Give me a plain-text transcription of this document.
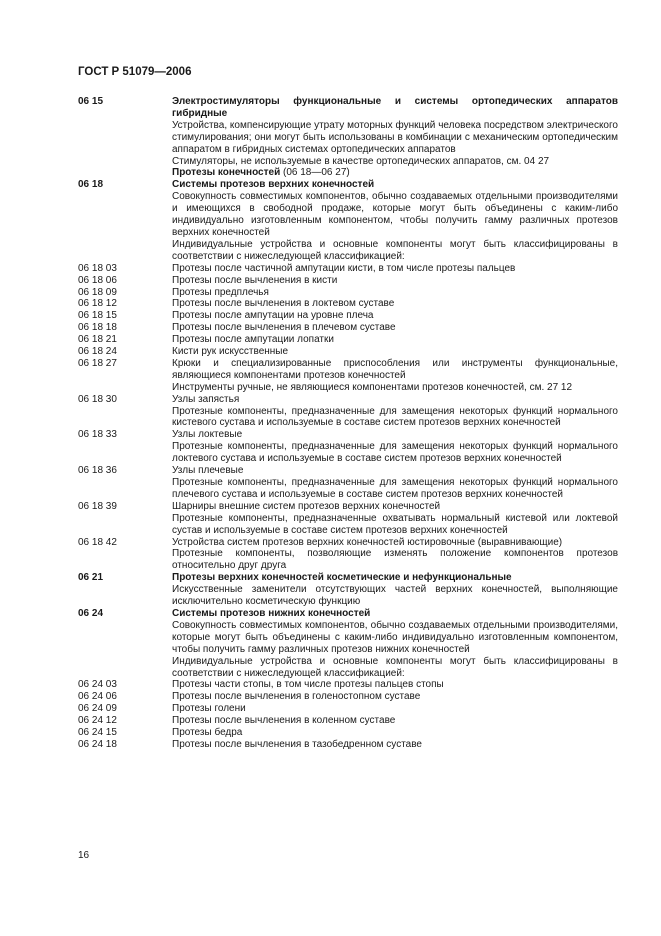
ГОСТ Р 51079—2006
06 15	Электростимуляторы функциональные и системы ортопедических аппаратов гибридные
Устройства, компенсирующие утрату моторных функций человека посредством электрического стимулирования; они могут быть использованы в комбинации с механическим ортопедическим аппаратом в гибридных системах ортопедических аппаратов
Стимуляторы, не используемые в качестве ортопедических аппаратов, см. 04 27
Протезы конечностей (06 18—06 27)
06 18	Системы протезов верхних конечностей
Совокупность совместимых компонентов, обычно создаваемых отдельными производителями и имеющихся в свободной продаже, которые могут быть объединены с каким-либо индивидуально изготовленным компонентом, чтобы получить гамму различных протезов верхних конечностей
Индивидуальные устройства и основные компоненты могут быть классифицированы в соответствии с нижеследующей классификацией:
06 18 03	Протезы после частичной ампутации кисти, в том числе протезы пальцев
06 18 06	Протезы после вычленения в кисти
06 18 09	Протезы предплечья
06 18 12	Протезы после вычленения в локтевом суставе
06 18 15	Протезы после ампутации на уровне плеча
06 18 18	Протезы после вычленения в плечевом суставе
06 18 21	Протезы после ампутации лопатки
06 18 24	Кисти рук искусственные
06 18 27	Крюки и специализированные приспособления или инструменты функциональные, являющиеся компонентами протезов конечностей
Инструменты ручные, не являющиеся компонентами протезов конечностей, см. 27 12
06 18 30	Узлы запястья
Протезные компоненты, предназначенные для замещения некоторых функций нормального кистевого сустава и используемые в составе систем протезов верхних конечностей
06 18 33	Узлы локтевые
Протезные компоненты, предназначенные для замещения некоторых функций нормального локтевого сустава и используемые в составе систем протезов верхних конечностей
06 18 36	Узлы плечевые
Протезные компоненты, предназначенные для замещения некоторых функций нормального плечевого сустава и используемые в составе систем протезов верхних конечностей
06 18 39	Шарниры внешние систем протезов верхних конечностей
Протезные компоненты, предназначенные охватывать нормальный кистевой или локтевой сустав и используемые в составе систем протезов верхних конечностей
06 18 42	Устройства систем протезов верхних конечностей юстировочные (выравнивающие)
Протезные компоненты, позволяющие изменять положение компонентов протезов относительно друг друга
06 21	Протезы верхних конечностей косметические и нефункциональные
Искусственные заменители отсутствующих частей верхних конечностей, выполняющие исключительно косметическую функцию
06 24	Системы протезов нижних конечностей
Совокупность совместимых компонентов, обычно создаваемых отдельными производителями, которые могут быть объединены с каким-либо индивидуально изготовленным компонентом, чтобы получить гамму различных протезов нижних конечностей
Индивидуальные устройства и основные компоненты могут быть классифицированы в соответствии с нижеследующей классификацией:
06 24 03	Протезы части стопы, в том числе протезы пальцев стопы
06 24 06	Протезы после вычленения в голеностопном суставе
06 24 09	Протезы голени
06 24 12	Протезы после вычленения в коленном суставе
06 24 15	Протезы бедра
06 24 18	Протезы после вычленения в тазобедренном суставе
16
